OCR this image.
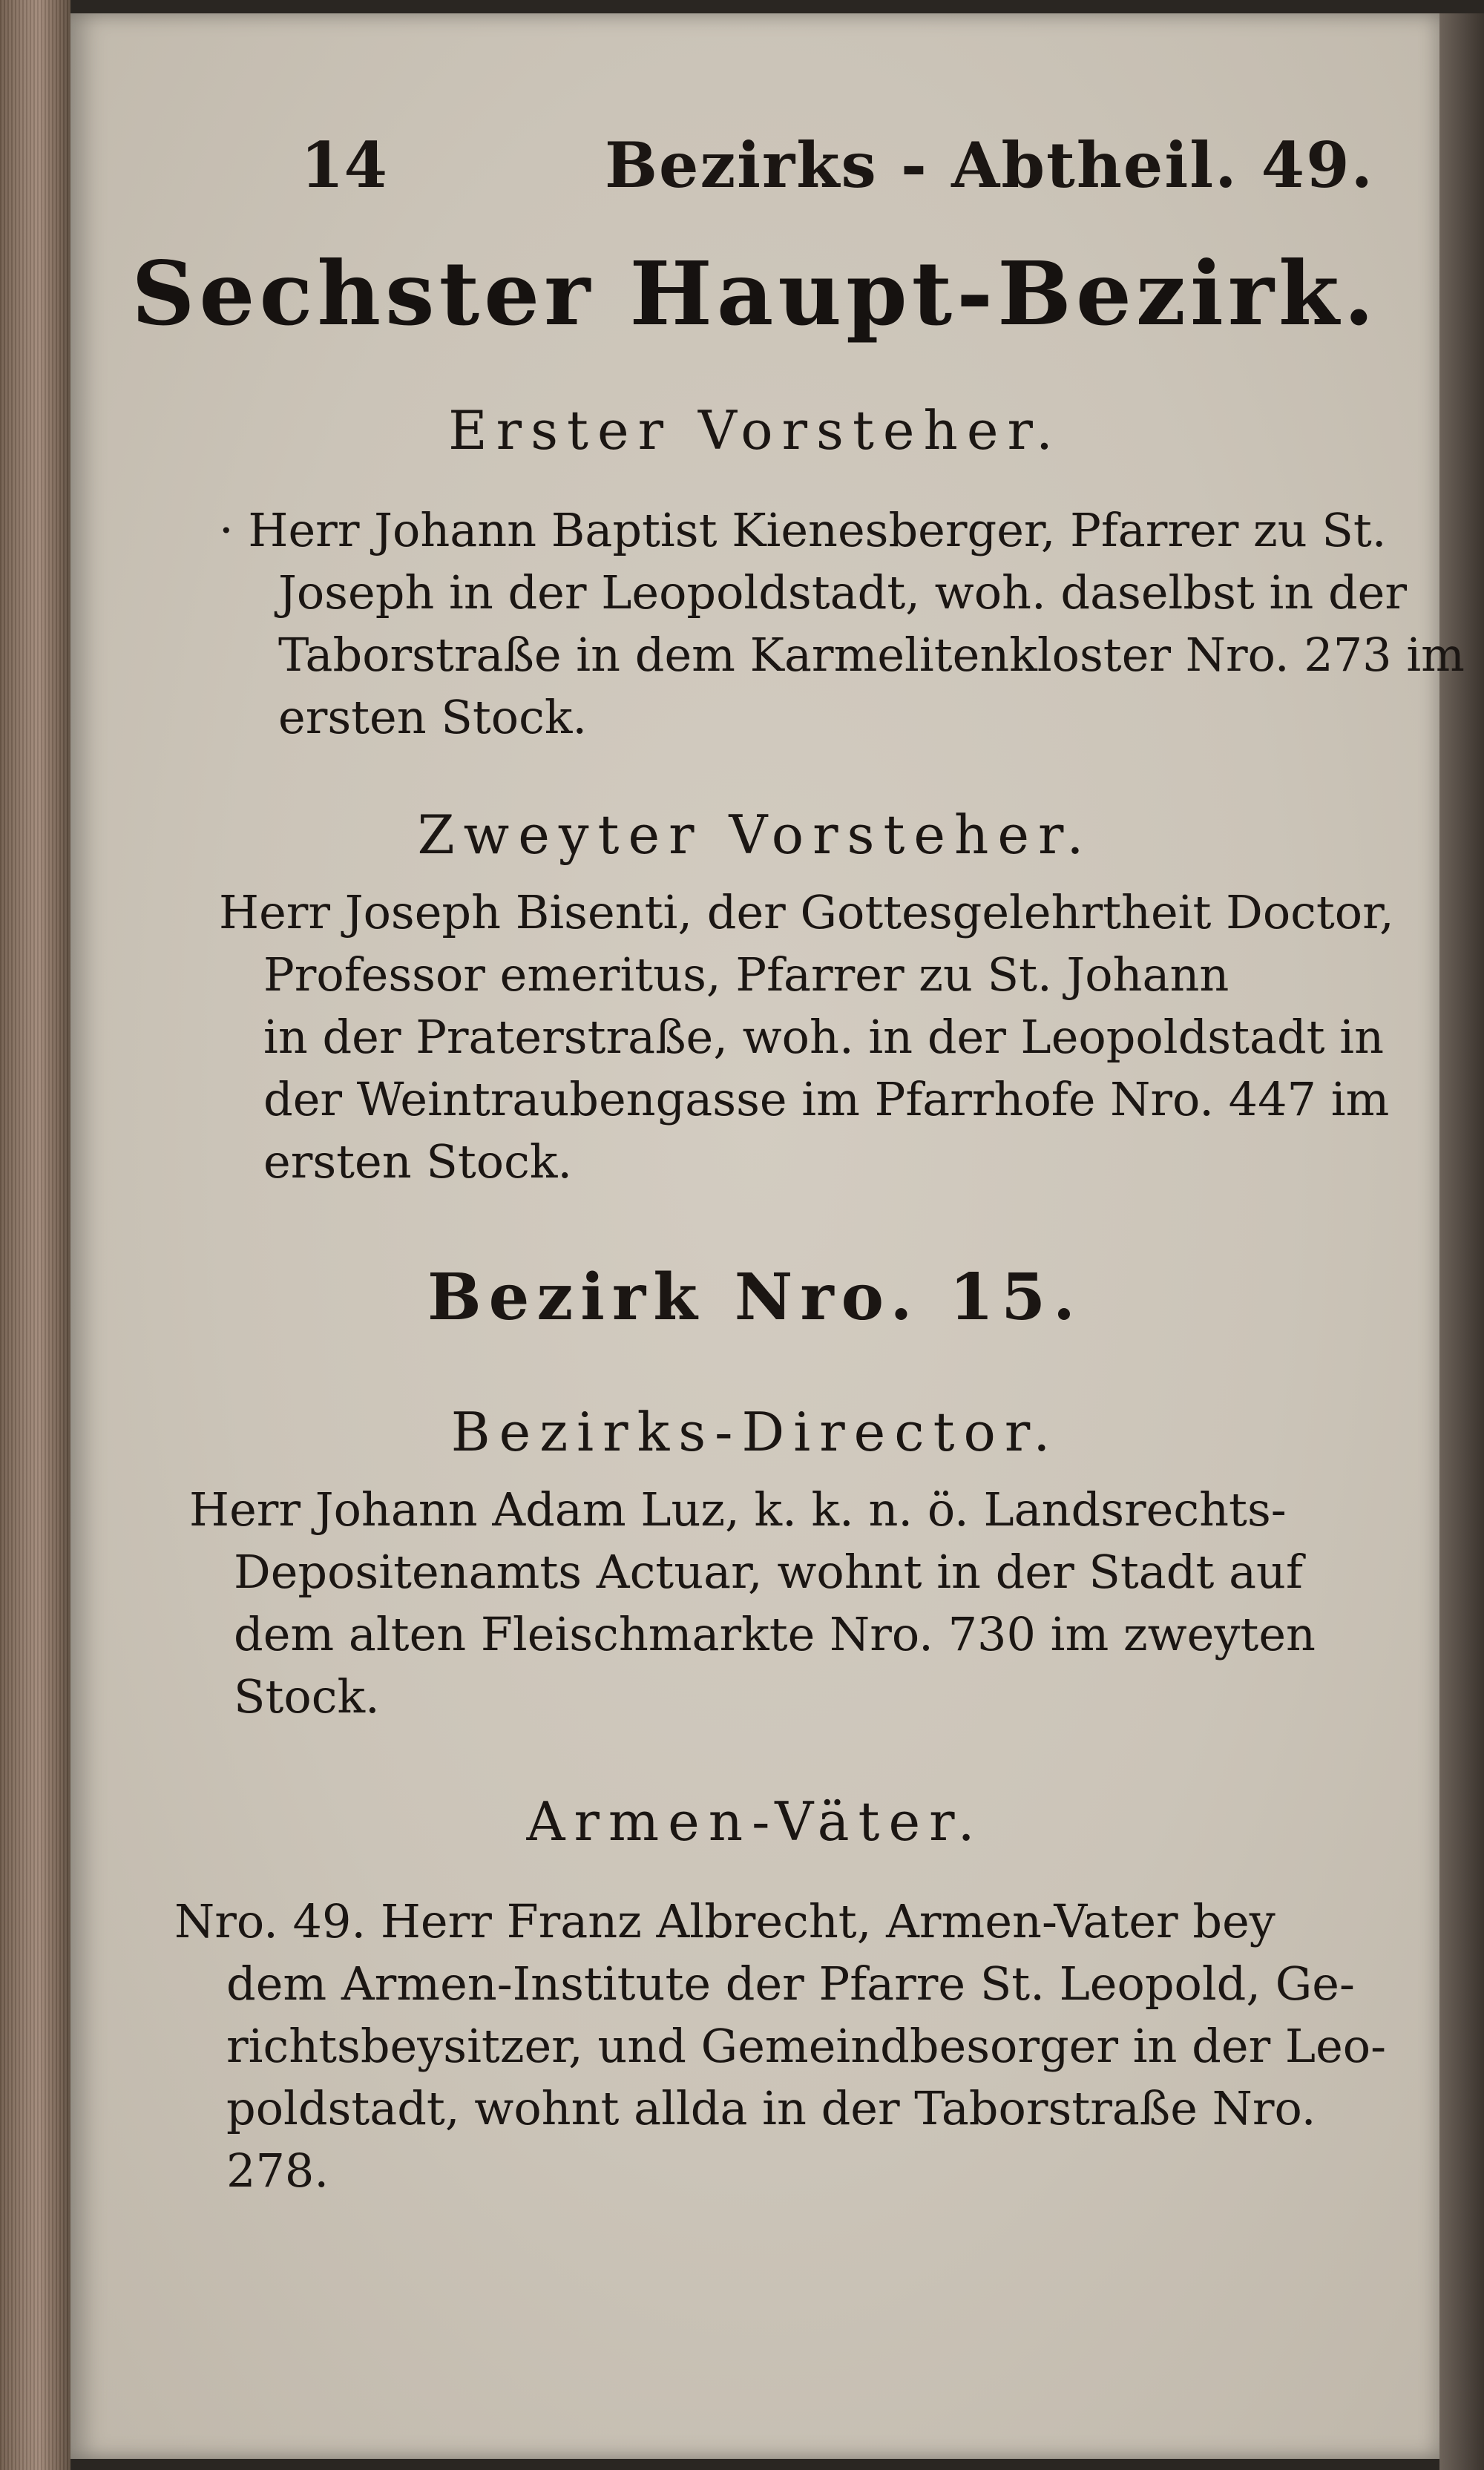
14	Bezirks - Abtheil. 49.
Sechster Haupt-Bezirk.
Erster Vorsteher.
· Herr Johann Baptist Kienesberger, Pfarrer zu St.
Joseph in der Leopoldstadt, woh. daselbst in der
Taborstraße in dem Karmelitenkloster Nro. 273 im
ersten Stock.
Zweyter Vorsteher.
Herr Joseph Bisenti, der Gottesgelehrtheit Doctor,
Professor emeritus, Pfarrer zu St. Johann
in der Praterstraße, woh. in der Leopoldstadt in
der Weintraubengasse im Pfarrhofe Nro. 447 im
ersten Stock.
Bezirk Nro. 15.
Bezirks-Director.
Herr Johann Adam Luz, k. k. n. ö. Landsrechts-
Depositenamts Actuar, wohnt in der Stadt auf
dem alten Fleischmarkte Nro. 730 im zweyten
Stock.
Armen-Väter.
Nro. 49. Herr Franz Albrecht, Armen-Vater bey
dem Armen-Institute der Pfarre St. Leopold, Ge-
richtsbeysitzer, und Gemeindbesorger in der Leo-
poldstadt, wohnt allda in der Taborstraße Nro.
278.
